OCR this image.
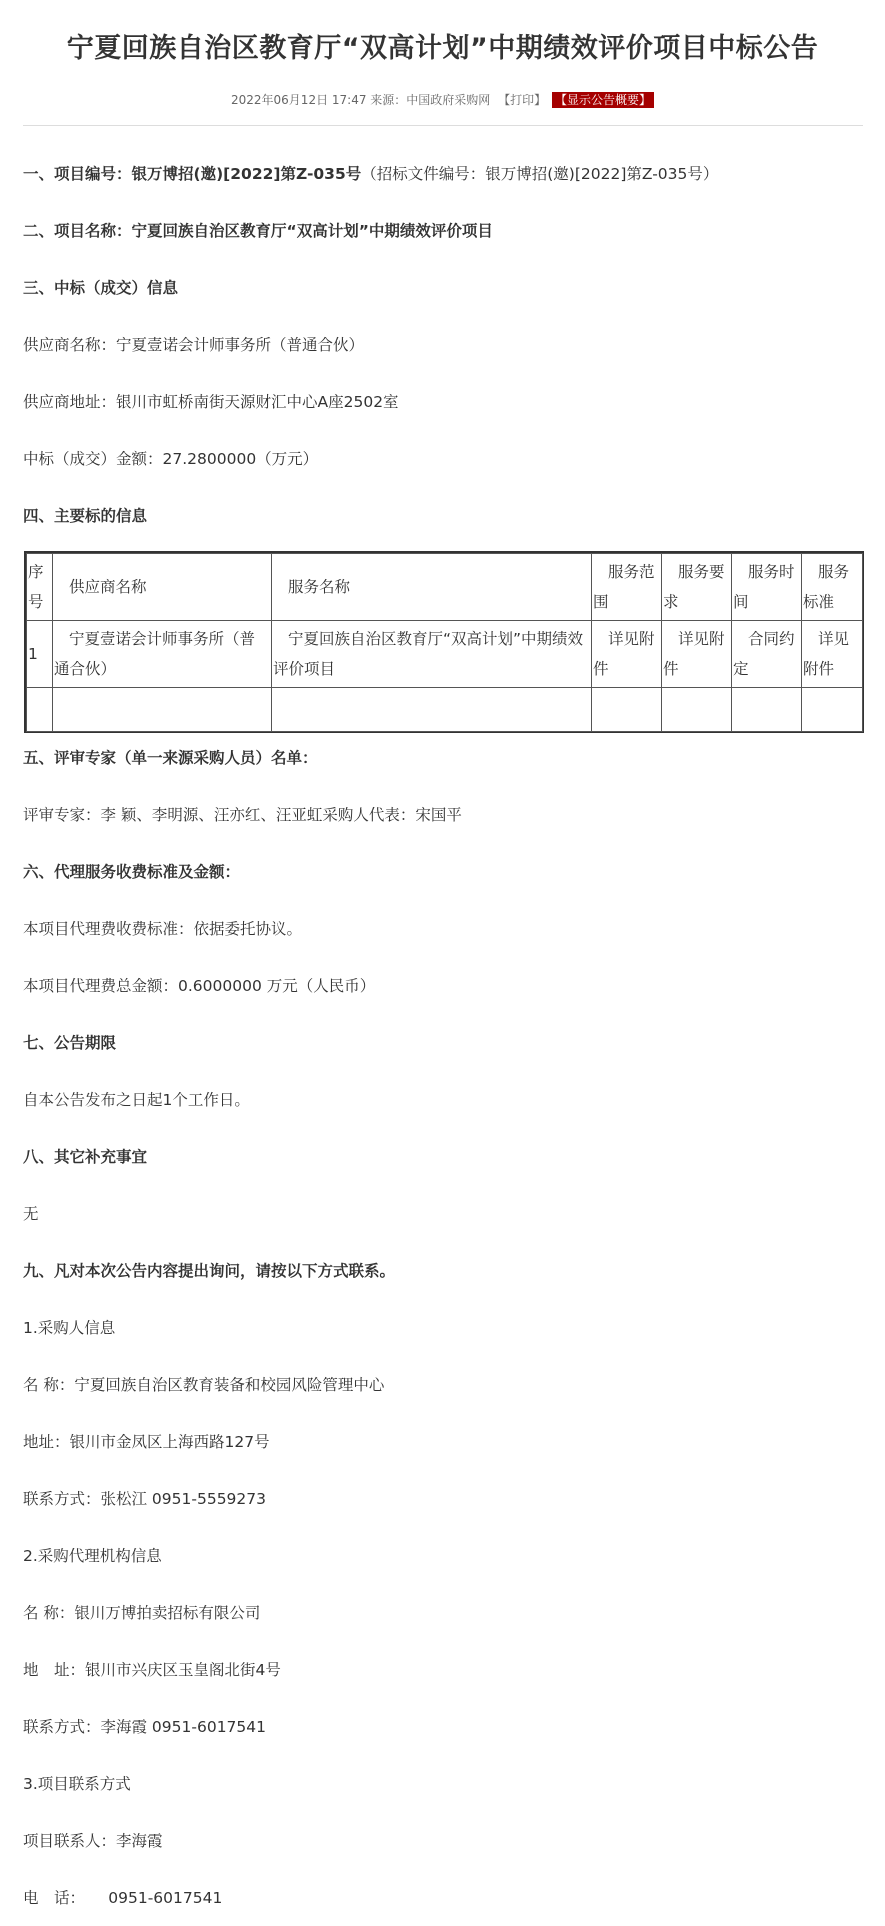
宁夏回族自治区教育厅“双高计划”中期绩效评价项目中标公告
2022年06月12日 17:47 来源：中国政府采购网 【打印】 【显示公告概要】
一、项目编号：银万博招(邀)[2022]第Z-035号（招标文件编号：银万博招(邀)[2022]第Z-035号）
二、项目名称：宁夏回族自治区教育厅“双高计划”中期绩效评价项目
三、中标（成交）信息
供应商名称：宁夏壹诺会计师事务所（普通合伙）
供应商地址：银川市虹桥南街天源财汇中心A座2502室
中标（成交）金额：27.2800000（万元）
四、主要标的信息
序号	供应商名称	服务名称	服务范围	服务要求	服务时间	服务标准
1	宁夏壹诺会计师事务所（普通合伙）	宁夏回族自治区教育厅“双高计划”中期绩效评价项目	详见附件	详见附件	合同约定	详见附件

五、评审专家（单一来源采购人员）名单：
评审专家：李 颖、李明源、汪亦红、汪亚虹采购人代表：宋国平
六、代理服务收费标准及金额：
本项目代理费收费标准：依据委托协议。
本项目代理费总金额：0.6000000 万元（人民币）
七、公告期限
自本公告发布之日起1个工作日。
八、其它补充事宜
无
九、凡对本次公告内容提出询问，请按以下方式联系。
1.采购人信息
名 称：宁夏回族自治区教育装备和校园风险管理中心
地址：银川市金凤区上海西路127号
联系方式：张松江 0951-5559273
2.采购代理机构信息
名 称：银川万博拍卖招标有限公司
地　址：银川市兴庆区玉皇阁北街4号
联系方式：李海霞 0951-6017541
3.项目联系方式
项目联系人：李海霞
电　话：　　0951-6017541
